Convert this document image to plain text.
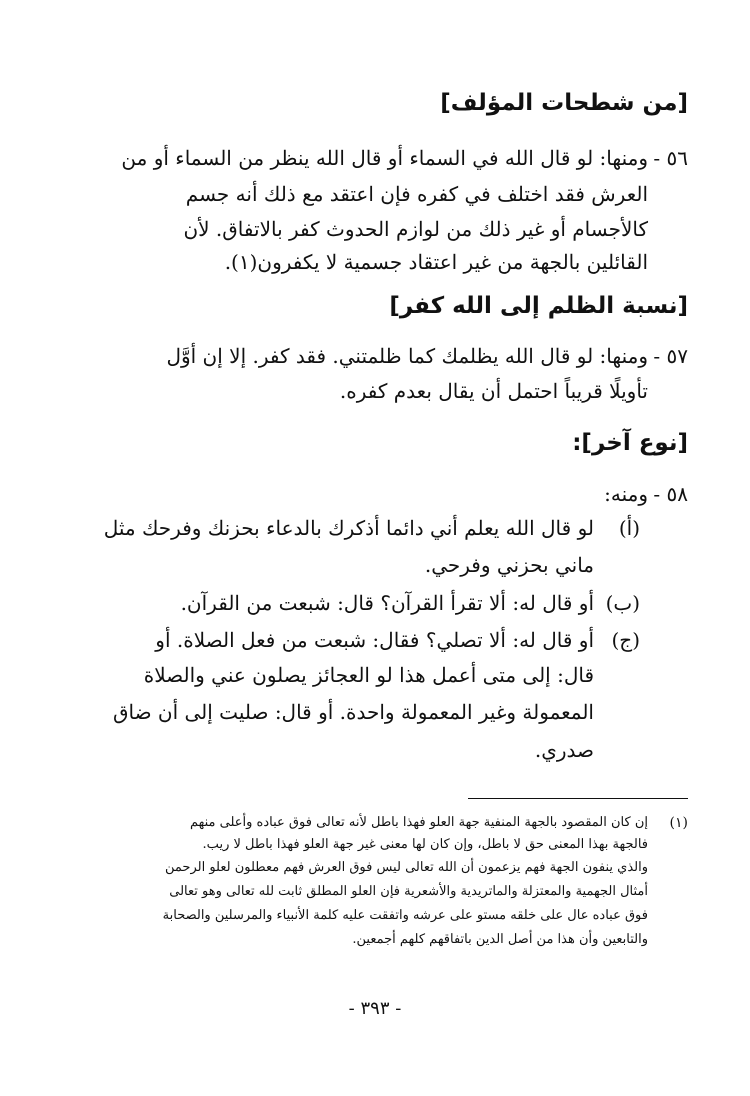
[من شطحات المؤلف]
٥٦ -
ومنها: لو قال الله في السماء أو قال الله ينظر من السماء أو من
العرش فقد اختلف في كفره فإن اعتقد مع ذلك أنه جسم
كالأجسام أو غير ذلك من لوازم الحدوث كفر بالاتفاق. لأن
القائلين بالجهة من غير اعتقاد جسمية لا يكفرون(١).
[نسبة الظلم إلى الله كفر]
٥٧ -
ومنها: لو قال الله يظلمك كما ظلمتني. فقد كفر. إلا إن أوَّل
تأويلًا قريباً احتمل أن يقال بعدم كفره.
[نوع آخر]:
٥٨ -
ومنه:
(أ)
لو قال الله يعلم أني دائما أذكرك بالدعاء بحزنك وفرحك مثل
ماني بحزني وفرحي.
(ب)
أو قال له: ألا تقرأ القرآن؟ قال: شبعت من القرآن.
(ج)
أو قال له: ألا تصلي؟ فقال: شبعت من فعل الصلاة. أو
قال: إلى متى أعمل هذا لو العجائز يصلون عني والصلاة
المعمولة وغير المعمولة واحدة. أو قال: صليت إلى أن ضاق
صدري.
(١)
إن كان المقصود بالجهة المنفية جهة العلو فهذا باطل لأنه تعالى فوق عباده وأعلى منهم
فالجهة بهذا المعنى حق لا باطل، وإن كان لها معنى غير جهة العلو فهذا باطل لا ريب.
والذي ينفون الجهة فهم يزعمون أن الله تعالى ليس فوق العرش فهم معطلون لعلو الرحمن
أمثال الجهمية والمعتزلة والماتريدية والأشعرية فإن العلو المطلق ثابت لله تعالى وهو تعالى
فوق عباده عال على خلقه مستو على عرشه واتفقت عليه كلمة الأنبياء والمرسلين والصحابة
والتابعين وأن هذا من أصل الدين باتفاقهم كلهم أجمعين.
- ٣٩٣ -
